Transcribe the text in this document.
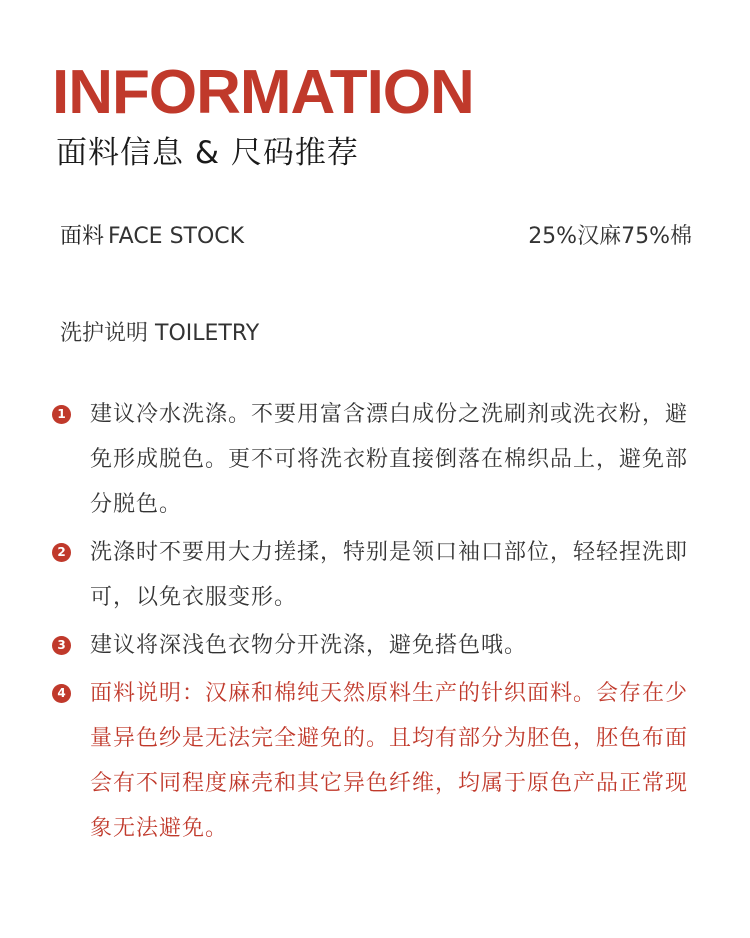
INFORMATION
面料信息 & 尺码推荐
面料 FACE STOCK	25%汉麻75%棉
洗护说明 TOILETRY
1 建议冷水洗涤。不要用富含漂白成份之洗刷剂或洗衣粉，避免形成脱色。更不可将洗衣粉直接倒落在棉织品上，避免部分脱色。
2 洗涤时不要用大力搓揉，特别是领口袖口部位，轻轻捏洗即可，以免衣服变形。
3 建议将深浅色衣物分开洗涤，避免搭色哦。
4 面料说明：汉麻和棉纯天然原料生产的针织面料。会存在少量异色纱是无法完全避免的。且均有部分为胚色，胚色布面会有不同程度麻壳和其它异色纤维，均属于原色产品正常现象无法避免。
